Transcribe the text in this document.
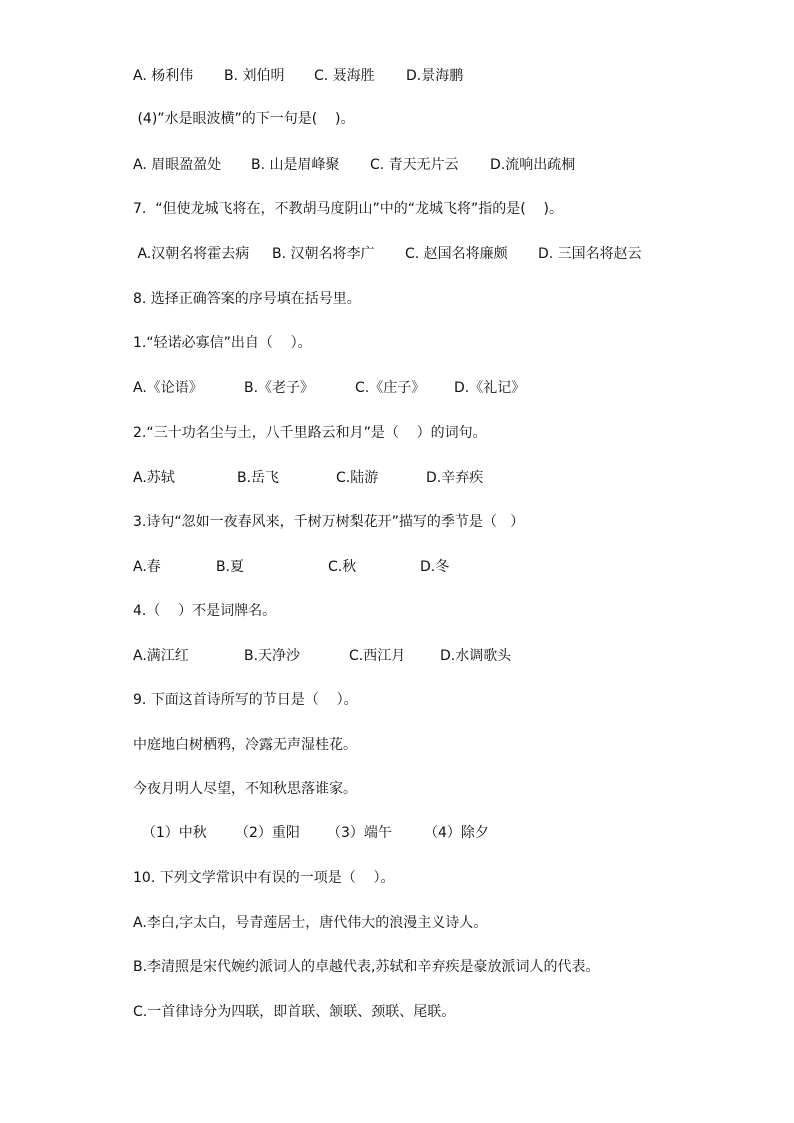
A. 杨利伟 B. 刘伯明 C. 聂海胜 D.景海鹏
(4)”水是眼波横”的下一句是(    )。
A. 眉眼盈盈处 B. 山是眉峰聚 C. 青天无片云 D.流响出疏桐
7.  “但使龙城飞将在，不教胡马度阴山”中的“龙城飞将”指的是(    )。
A.汉朝名将霍去病 B. 汉朝名将李广 C. 赵国名将廉颇 D. 三国名将赵云
8. 选择正确答案的序号填在括号里。
1.“轻诺必寡信”出自（    ）。
A.《论语》	B.《老子》	C.《庄子》 D.《礼记》
2.“三十功名尘与土，八千里路云和月”是（    ）的词句。
A.苏轼	B.岳飞	C.陆游	D.辛弃疾
3.诗句“忽如一夜春风来，千树万树梨花开”描写的季节是（   ）
A.春	B.夏	C.秋	D.冬
4.（    ）不是词牌名。
A.满江红	B.天净沙	C.西江月 D.水调歌头
9. 下面这首诗所写的节日是（    ）。
中庭地白树栖鸦，冷露无声湿桂花。
今夜月明人尽望，不知秋思落谁家。
（1）中秋 （2）重阳 （3）端午 （4）除夕
10. 下列文学常识中有误的一项是（    ）。
A.李白,字太白，号青莲居士，唐代伟大的浪漫主义诗人。
B.李清照是宋代婉约派词人的卓越代表,苏轼和辛弃疾是豪放派词人的代表。
C.一首律诗分为四联，即首联、颔联、颈联、尾联。
